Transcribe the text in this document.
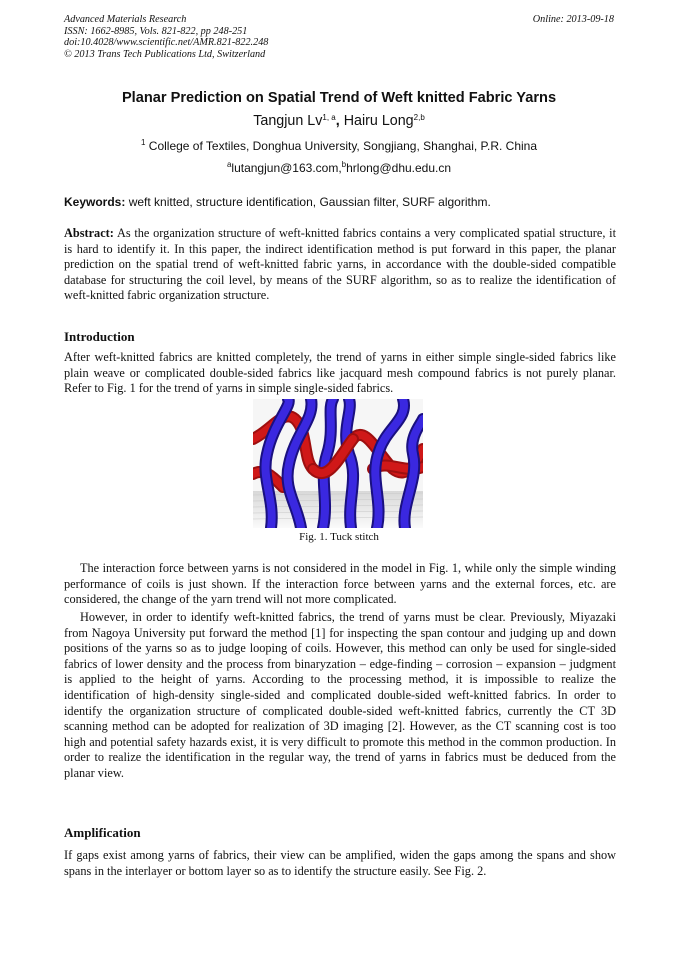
Advanced Materials Research
ISSN: 1662-8985, Vols. 821-822, pp 248-251
doi:10.4028/www.scientific.net/AMR.821-822.248
© 2013 Trans Tech Publications Ltd, Switzerland
Online: 2013-09-18
Planar Prediction on Spatial Trend of Weft knitted Fabric Yarns
Tangjun Lv$^{1, a}$, Hairu Long$^{2,b}$
$^1$ College of Textiles, Donghua University, Songjiang, Shanghai, P.R. China
$^a$lutangjun@163.com,$^b$hrlong@dhu.edu.cn
Keywords: weft knitted, structure identification, Gaussian filter, SURF algorithm.
Abstract: As the organization structure of weft-knitted fabrics contains a very complicated spatial structure, it is hard to identify it. In this paper, the indirect identification method is put forward in this paper, the planar prediction on the spatial trend of weft-knitted fabric yarns, in accordance with the double-sided compatible database for structuring the coil level, by means of the SURF algorithm, so as to realize the identification of weft-knitted fabric organization structure.
Introduction
After weft-knitted fabrics are knitted completely, the trend of yarns in either simple single-sided fabrics like plain weave or complicated double-sided fabrics like jacquard mesh compound fabrics is not purely planar. Refer to Fig. 1 for the trend of yarns in simple single-sided fabrics.
Fig. 1. Tuck stitch
The interaction force between yarns is not considered in the model in Fig. 1, while only the simple winding performance of coils is just shown. If the interaction force between yarns and the external forces, etc. are considered, the change of the yarn trend will not more complicated.
However, in order to identify weft-knitted fabrics, the trend of yarns must be clear. Previously, Miyazaki from Nagoya University put forward the method [1] for inspecting the span contour and judging up and down positions of the yarns so as to judge looping of coils. However, this method can only be used for single-sided fabrics of lower density and the process from binaryzation – edge-finding – corrosion – expansion – judgment is applied to the height of yarns. According to the processing method, it is impossible to realize the identification of high-density single-sided and complicated double-sided weft-knitted fabrics. In order to identify the organization structure of complicated double-sided weft-knitted fabrics, currently the CT 3D scanning method can be adopted for realization of 3D imaging [2]. However, as the CT scanning cost is too high and potential safety hazards exist, it is very difficult to promote this method in the common production. In order to realize the identification in the regular way, the trend of yarns in fabrics must be deduced from the planar view.
Amplification
If gaps exist among yarns of fabrics, their view can be amplified, widen the gaps among the spans and show spans in the interlayer or bottom layer so as to identify the structure easily. See Fig. 2.
